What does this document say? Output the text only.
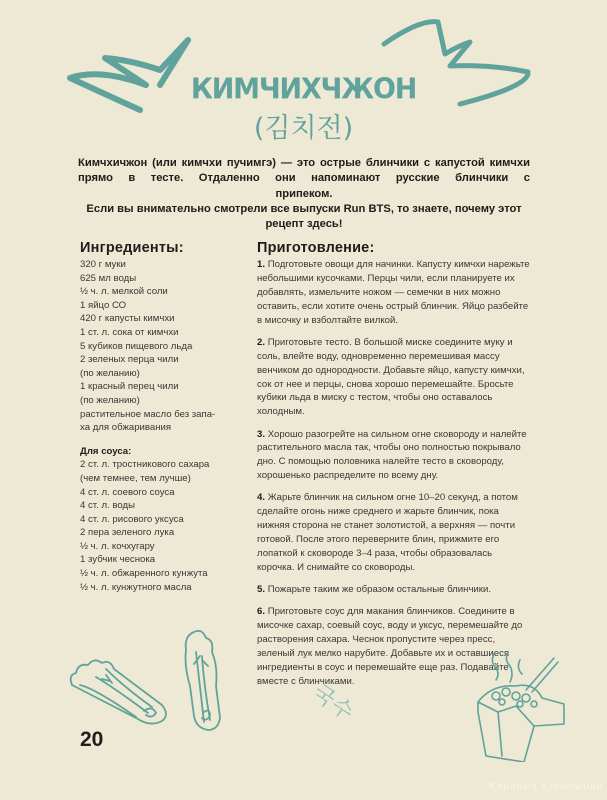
КИМЧИХЧЖОН
(김치전)

Кимчхичжон (или кимчхи пучимгэ) — это острые блинчики с капустой кимчхи прямо в тесте. Отдаленно они напоминают русские блинчики с

припеком.

Если вы внимательно смотрели все выпуски Run BTS, то знаете, почему этот

рецепт здесь!

Ингредиенты:
320 г муки
625 мл воды
½ ч. л. мелкой соли
1 яйцо СО
420 г капусты кимчхи
1 ст. л. сока от кимчхи
5 кубиков пищевого льда
2 зеленых перца чили
(по желанию)
1 красный перец чили
(по желанию)
растительное масло без запа-
ха для обжаривания
Для соуса:
2 ст. л. тростникового сахара
(чем темнее, тем лучше)
4 ст. л. соевого соуса
4 ст. л. воды
4 ст. л. рисового уксуса
2 пера зеленого лука
½ ч. л. кочхугару
1 зубчик чеснока
½ ч. л. обжаренного кунжута
½ ч. л. кунжутного масла
Приготовление:

1. Подготовьте овощи для начинки. Капусту кимчхи нарежьте небольшими кусочками. Перцы чили, если планируете их добавлять, измельчите ножом — семечки в них можно оставить, если хотите очень острый блинчик. Яйцо разбейте в мисочку и взболтайте вилкой.

2. Приготовьте тесто. В большой миске соедините муку и соль, влейте воду, одновременно перемешивая массу венчиком до однородности. Добавьте яйцо, капусту кимчхи, сок от нее и перцы, снова хорошо перемешайте. Бросьте кубики льда в миску с тестом, чтобы оно оставалось холодным.

3. Хорошо разогрейте на сильном огне сковороду и налейте растительного масла так, чтобы оно полностью покрывало дно. С помощью половника налейте тесто в сковороду, хорошенько распределите по всему дну.

4. Жарьте блинчик на сильном огне 10–20 секунд, а потом сделайте огонь ниже среднего и жарьте блинчик, пока нижняя сторона не станет золотистой, а верхняя — почти готовой. После этого переверните блин, прижмите его лопаткой к сковороде 3–4 раза, чтобы образовалась корочка. И снимайте со сковороды.

5. Пожарьте таким же образом остальные блинчики.

6. Приготовьте соус для макания блинчиков. Соедините в мисочке сахар, соевый соус, воду и уксус, перемешайте до растворения сахара. Чеснок пропустите через пресс, зеленый лук мелко нарубите. Добавьте их и оставшиеся ингредиенты в соус и перемешайте еще раз. Подавайте вместе с блинчиками.

20
국수
Жарнама Қухынында
